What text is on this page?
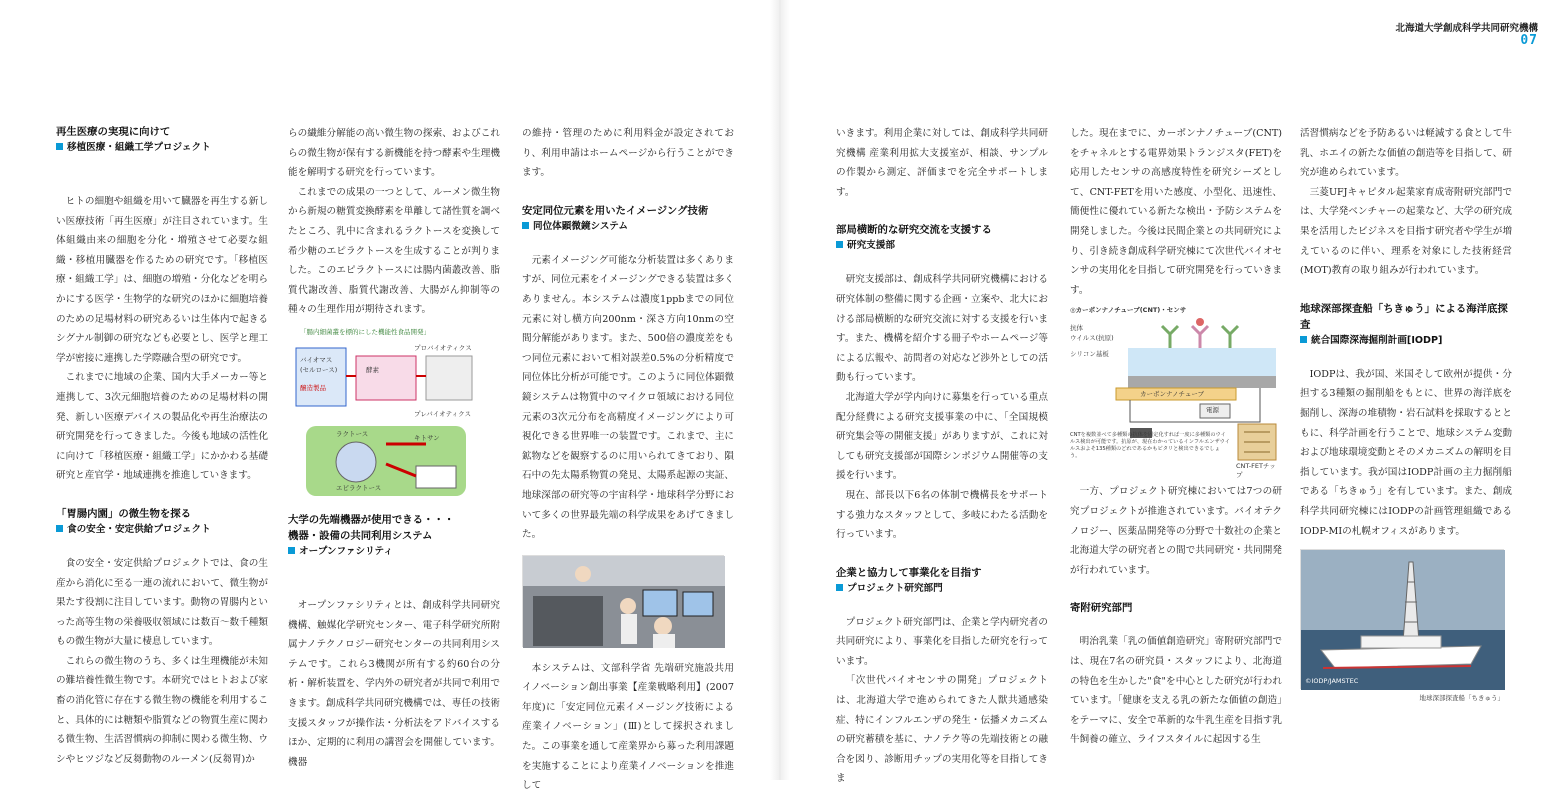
北海道大学創成科学共同研究機構
07
再生医療の実現に向けて
移植医療・組織工学プロジェクト

ヒトの細胞や組織を用いて臓器を再生する新しい医療技術「再生医療」が注目されています。生体組織由来の細胞を分化・増殖させて必要な組織・移植用臓器を作るための研究です。「移植医療・組織工学」は、細胞の増殖・分化などを明らかにする医学・生物学的な研究のほかに細胞培養のための足場材料の研究あるいは生体内で起きるシグナル制御の研究なども必要とし、医学と理工学が密接に連携した学際融合型の研究です。

これまでに地域の企業、国内大手メーカー等と連携して、3次元細胞培養のための足場材料の開発、新しい医療デバイスの製品化や再生治療法の研究開発を行ってきました。今後も地域の活性化に向けて「移植医療・組織工学」にかかわる基礎研究と産官学・地域連携を推進していきます。

「胃腸内園」の微生物を探る
食の安全・安定供給プロジェクト

食の安全・安定供給プロジェクトでは、食の生産から消化に至る一連の流れにおいて、微生物が果たす役割に注目しています。動物の胃腸内といった高等生物の栄養吸収領域には数百〜数千種類もの微生物が大量に棲息しています。

これらの微生物のうち、多くは生理機能が未知の難培養性微生物です。本研究ではヒトおよび家畜の消化管に存在する微生物の機能を利用すること、具体的には糖類や脂質などの物質生産に関わる微生物、生活習慣病の抑制に関わる微生物、ウシやヒツジなど反芻動物のルーメン(反芻胃)か

らの繊維分解能の高い微生物の探索、およびこれらの微生物が保有する新機能を持つ酵素や生理機能を解明する研究を行っています。

これまでの成果の一つとして、ルーメン微生物から新規の糖質変換酵素を単離して諸性質を調べたところ、乳中に含まれるラクトースを変換して希少糖のエピラクトースを生成することが判りました。このエピラクトースには腸内菌叢改善、脂質代謝改善、脂質代謝改善、大腸がん抑制等の種々の生理作用が期待されます。

「腸内細菌叢を標的にした機能性食品開発」
バイオマス
(セルロース)
醸造製品
酵素
プロバイオティクス
ラクトース
エピラクトース
プレバイオティクス
キトサン
大学の先端機器が使用できる・・・
機器・設備の共同利用システム
オープンファシリティ

オープンファシリティとは、創成科学共同研究機構、触媒化学研究センター、電子科学研究所附属ナノテクノロジー研究センターの共同利用システムです。これら3機関が所有する約60台の分析・解析装置を、学内外の研究者が共同で利用できます。創成科学共同研究機構では、専任の技術支援スタッフが操作法・分析法をアドバイスするほか、定期的に利用の講習会を開催しています。機器

の維持・管理のために利用料金が設定されており、利用申請はホームページから行うことができます。

安定同位元素を用いたイメージング技術
同位体顕微鏡システム

元素イメージング可能な分析装置は多くありますが、同位元素をイメージングできる装置は多くありません。本システムは濃度1ppbまでの同位元素に対し横方向200nm・深さ方向10nmの空間分解能があります。また、500倍の濃度差をもつ同位元素において相対誤差0.5%の分析精度で同位体比分析が可能です。このように同位体顕微鏡システムは物質中のマイクロ領域における同位元素の3次元分布を高精度イメージングにより可視化できる世界唯一の装置です。これまで、主に鉱物などを観察するのに用いられてきており、隕石中の先太陽系物質の発見、太陽系起源の実証、地球深部の研究等の宇宙科学・地球科学分野において多くの世界最先端の科学成果をあげてきました。

本システムは、文部科学省 先端研究施設共用イノベーション創出事業【産業戦略利用】(2007年度)に「安定同位元素イメージング技術による産業イノベーション」(Ⅲ)として採択されました。この事業を通して産業界から募った利用課題を実施することにより産業イノベーションを推進して

いきます。利用企業に対しては、創成科学共同研究機構 産業利用拡大支援室が、相談、サンプルの作製から測定、評価までを完全サポートします。

部局横断的な研究交流を支援する
研究支援部

研究支援部は、創成科学共同研究機構における研究体制の整備に関する企画・立案や、北大における部局横断的な研究交流に対する支援を行います。また、機構を紹介する冊子やホームページ等による広報や、訪問者の対応など渉外としての活動も行っています。

北海道大学が学内向けに募集を行っている重点配分経費による研究支援事業の中に、「全国規模研究集会等の開催支援」がありますが、これに対しても研究支援部が国際シンポジウム開催等の支援を行います。

現在、部長以下6名の体制で機構長をサポートする強力なスタッフとして、多岐にわたる活動を行っています。

企業と協力して事業化を目指す
プロジェクト研究部門

プロジェクト研究部門は、企業と学内研究者の共同研究により、事業化を目指した研究を行っています。

「次世代バイオセンサの開発」プロジェクトは、北海道大学で進められてきた人獣共通感染症、特にインフルエンザの発生・伝播メカニズムの研究蓄積を基に、ナノテク等の先端技術との融合を図り、診断用チップの実用化等を目指してきま

した。現在までに、カーボンナノチューブ(CNT)をチャネルとする電界効果トランジスタ(FET)を応用したセンサの高感度特性を研究シーズとして、CNT-FETを用いた感度、小型化、迅速性、簡便性に優れている新たな検出・予防システムを開発しました。今後は民間企業との共同研究により、引き続き創成科学研究棟にて次世代バイオセンサの実用化を目指して研究開発を行っていきます。

◎カーボンナノチューブ(CNT)・センサ
抗体
ウイルス(抗原)
シリコン基板
カーボンナノチューブ
電源
CNTを複数並べて多種類の抗体を固定化すれば一度に多種類のウイルス検出が可能です。抗原が、現在わかっているインフルエンザウイルスおよそ135種類のどれであるかもピタリと検出できるでしょう。
CNT-FETチップ

一方、プロジェクト研究棟においては7つの研究プロジェクトが推進されています。バイオテクノロジー、医薬品開発等の分野で十数社の企業と北海道大学の研究者との間で共同研究・共同開発が行われています。

寄附研究部門

明治乳業「乳の価値創造研究」寄附研究部門では、現在7名の研究員・スタッフにより、北海道の特色を生かした"食"を中心とした研究が行われています。「健康を支える乳の新たな価値の創造」をテーマに、安全で革新的な牛乳生産を目指す乳牛飼養の確立、ライフスタイルに起因する生

活習慣病などを予防あるいは軽減する食として牛乳、ホエイの新たな価値の創造等を目指して、研究が進められています。

三菱UFJキャピタル起業家育成寄附研究部門では、大学発ベンチャーの起業など、大学の研究成果を活用したビジネスを目指す研究者や学生が増えているのに伴い、理系を対象にした技術経営(MOT)教育の取り組みが行われています。

地球深部探査船「ちきゅう」による海洋底探査
統合国際深海掘削計画[IODP]

IODPは、我が国、米国そして欧州が提供・分担する3種類の掘削船をもとに、世界の海洋底を掘削し、深海の堆積物・岩石試料を採取するとともに、科学計画を行うことで、地球システム変動および地球環境変動とそのメカニズムの解明を目指しています。我が国はIODP計画の主力掘削船である「ちきゅう」を有しています。また、創成科学共同研究棟にはIODPの計画管理組織であるIODP-MIの札幌オフィスがあります。

©IODP/JAMSTEC
地球深部探査船「ちきゅう」
